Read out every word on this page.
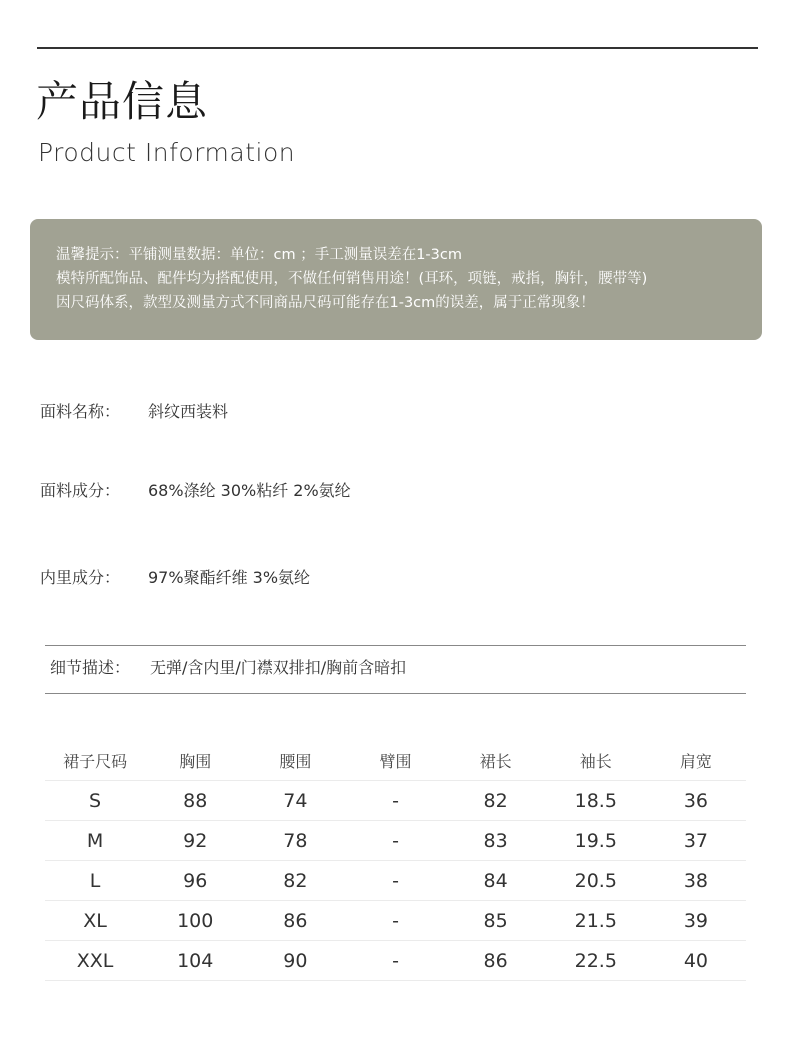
产品信息
Product Information
温馨提示：平铺测量数据：单位：cm ；手工测量误差在1-3cm
模特所配饰品、配件均为搭配使用，不做任何销售用途！(耳环，项链，戒指，胸针，腰带等)
因尺码体系，款型及测量方式不同商品尺码可能存在1-3cm的误差，属于正常现象！
面料名称： 斜纹西装料
面料成分： 68%涤纶 30%粘纤 2%氨纶
内里成分： 97%聚酯纤维 3%氨纶
细节描述： 无弹/含内里/门襟双排扣/胸前含暗扣
裙子尺码	胸围	腰围	臂围	裙长	袖长	肩宽
S	88	74	-	82	18.5	36
M	92	78	-	83	19.5	37
L	96	82	-	84	20.5	38
XL	100	86	-	85	21.5	39
XXL	104	90	-	86	22.5	40
